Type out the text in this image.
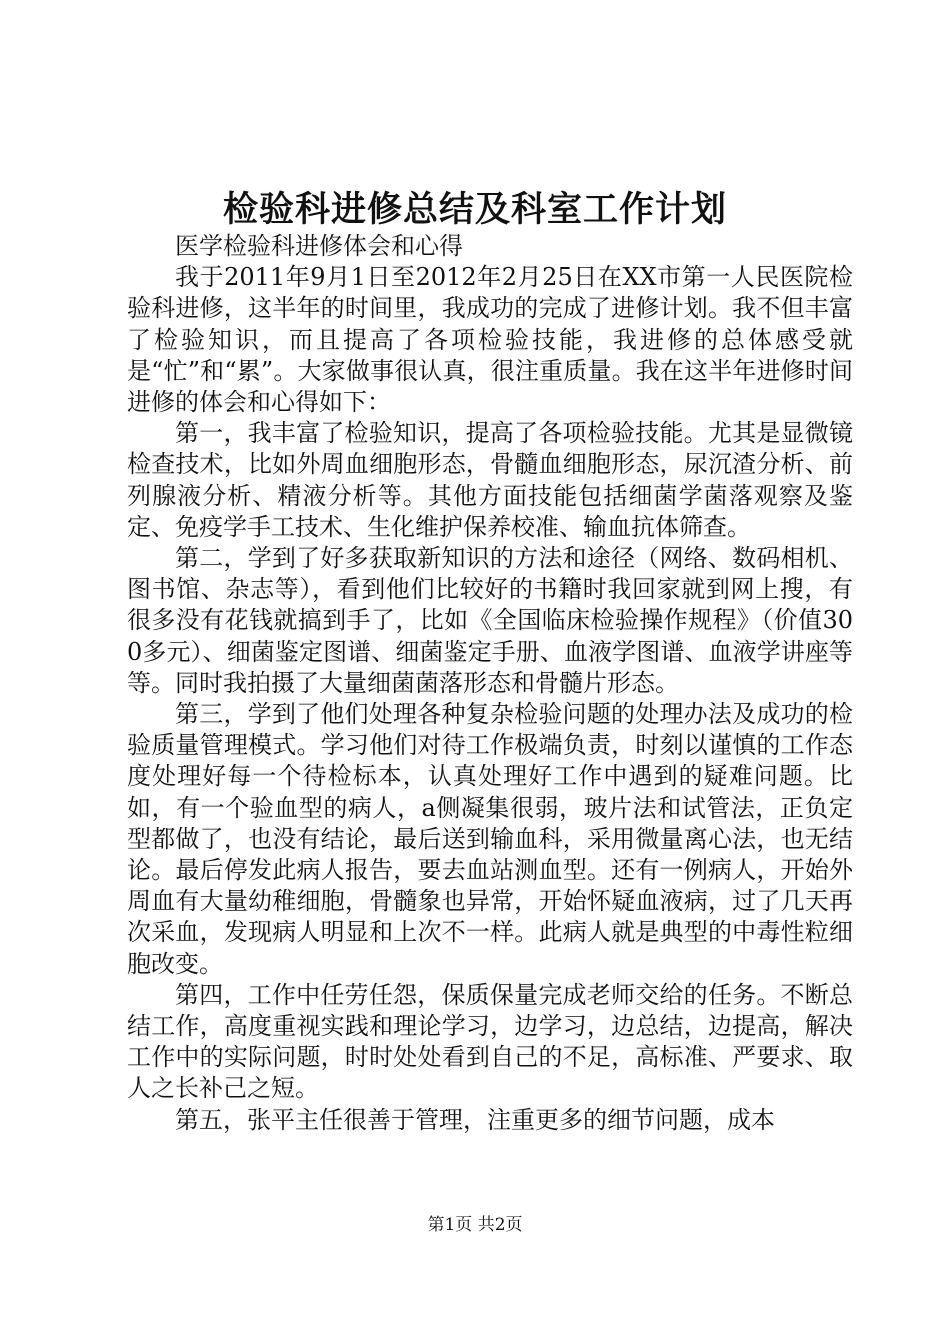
检验科进修总结及科室工作计划

医学检验科进修体会和心得

我于2011年9月1日至2012年2月25日在XX市第一人民医院检验科进修，这半年的时间里，我成功的完成了进修计划。我不但丰富了检验知识，而且提高了各项检验技能，我进修的总体感受就是“忙”和“累”。大家做事很认真，很注重质量。我在这半年进修时间进修的体会和心得如下：

第一，我丰富了检验知识，提高了各项检验技能。尤其是显微镜检查技术，比如外周血细胞形态，骨髓血细胞形态，尿沉渣分析、前列腺液分析、精液分析等。其他方面技能包括细菌学菌落观察及鉴定、免疫学手工技术、生化维护保养校准、输血抗体筛查。

第二，学到了好多获取新知识的方法和途径（网络、数码相机、图书馆、杂志等），看到他们比较好的书籍时我回家就到网上搜，有很多没有花钱就搞到手了，比如《全国临床检验操作规程》（价值300多元）、细菌鉴定图谱、细菌鉴定手册、血液学图谱、血液学讲座等等。同时我拍摄了大量细菌菌落形态和骨髓片形态。

第三，学到了他们处理各种复杂检验问题的处理办法及成功的检验质量管理模式。学习他们对待工作极端负责，时刻以谨慎的工作态度处理好每一个待检标本，认真处理好工作中遇到的疑难问题。比如，有一个验血型的病人，a侧凝集很弱，玻片法和试管法，正负定型都做了，也没有结论，最后送到输血科，采用微量离心法，也无结论。最后停发此病人报告，要去血站测血型。还有一例病人，开始外周血有大量幼稚细胞，骨髓象也异常，开始怀疑血液病，过了几天再次采血，发现病人明显和上次不一样。此病人就是典型的中毒性粒细胞改变。

第四，工作中任劳任怨，保质保量完成老师交给的任务。不断总结工作，高度重视实践和理论学习，边学习，边总结，边提高，解决工作中的实际问题，时时处处看到自己的不足，高标准、严要求、取人之长补己之短。

第五，张平主任很善于管理，注重更多的细节问题，成本

第1页 共2页
